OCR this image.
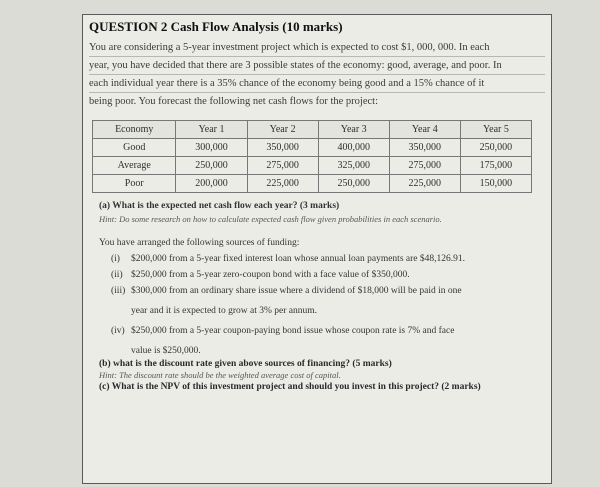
QUESTION 2 Cash Flow Analysis (10 marks)

You are considering a 5-year investment project which is expected to cost $1, 000, 000. In each

year, you have decided that there are 3 possible states of the economy: good, average, and poor. In

each individual year there is a 35% chance of the economy being good and a 15% chance of it

being poor. You forecast the following net cash flows for the project:

Economy	Year 1	Year 2	Year 3	Year 4	Year 5
Good	300,000	350,000	400,000	350,000	250,000
Average	250,000	275,000	325,000	275,000	175,000
Poor	200,000	225,000	250,000	225,000	150,000
(a) What is the expected net cash flow each year? (3 marks)
Hint: Do some research on how to calculate expected cash flow given probabilities in each scenario.
You have arranged the following sources of funding:
(i) $200,000 from a 5-year fixed interest loan whose annual loan payments are $48,126.91.
(ii) $250,000 from a 5-year zero-coupon bond with a face value of $350,000.
(iii) $300,000 from an ordinary share issue where a dividend of $18,000 will be paid in one
year and it is expected to grow at 3% per annum.
(iv) $250,000 from a 5-year coupon-paying bond issue whose coupon rate is 7% and face
value is $250,000.
(b) what is the discount rate given above sources of financing? (5 marks)
Hint: The discount rate should be the weighted average cost of capital.
(c) What is the NPV of this investment project and should you invest in this project? (2 marks)
